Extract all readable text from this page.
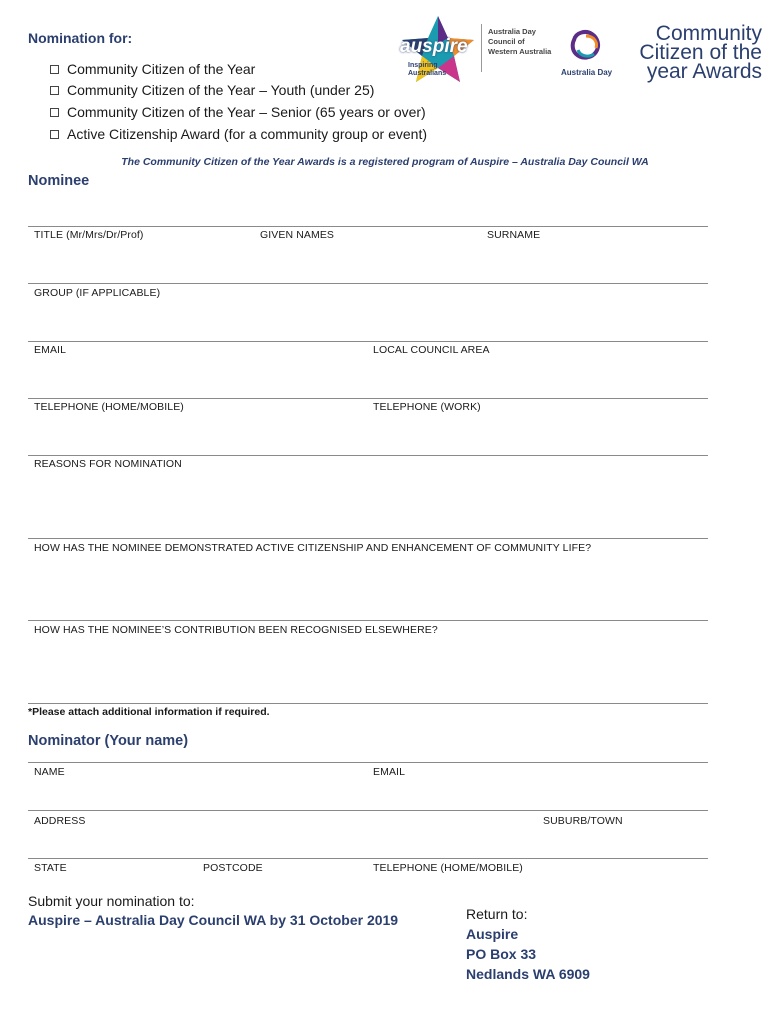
Nomination for:
Community Citizen of the Year
Community Citizen of the Year – Youth (under 25)
Community Citizen of the Year – Senior (65 years or over)
Active Citizenship Award (for a community group or event)
auspire
Inspiring
Australians
Australia Day
Council of
Western Australia
Australia Day
Community
Citizen of the
year Awards
The Community Citizen of the Year Awards is a registered program of Auspire – Australia Day Council WA
Nominee
TITLE (Mr/Mrs/Dr/Prof)	GIVEN NAMES	SURNAME
GROUP (IF APPLICABLE)
EMAIL	LOCAL COUNCIL AREA
TELEPHONE (HOME/MOBILE)	TELEPHONE (WORK)
REASONS FOR NOMINATION
HOW HAS THE NOMINEE DEMONSTRATED ACTIVE CITIZENSHIP AND ENHANCEMENT OF COMMUNITY LIFE?
HOW HAS THE NOMINEE’S CONTRIBUTION BEEN RECOGNISED ELSEWHERE?
*Please attach additional information if required.
Nominator (Your name)
NAME	EMAIL
ADDRESS	SUBURB/TOWN
STATE	POSTCODE	TELEPHONE (HOME/MOBILE)
Submit your nomination to:
Auspire – Australia Day Council WA by 31 October 2019	Return to:
Auspire
PO Box 33
Nedlands WA 6909
